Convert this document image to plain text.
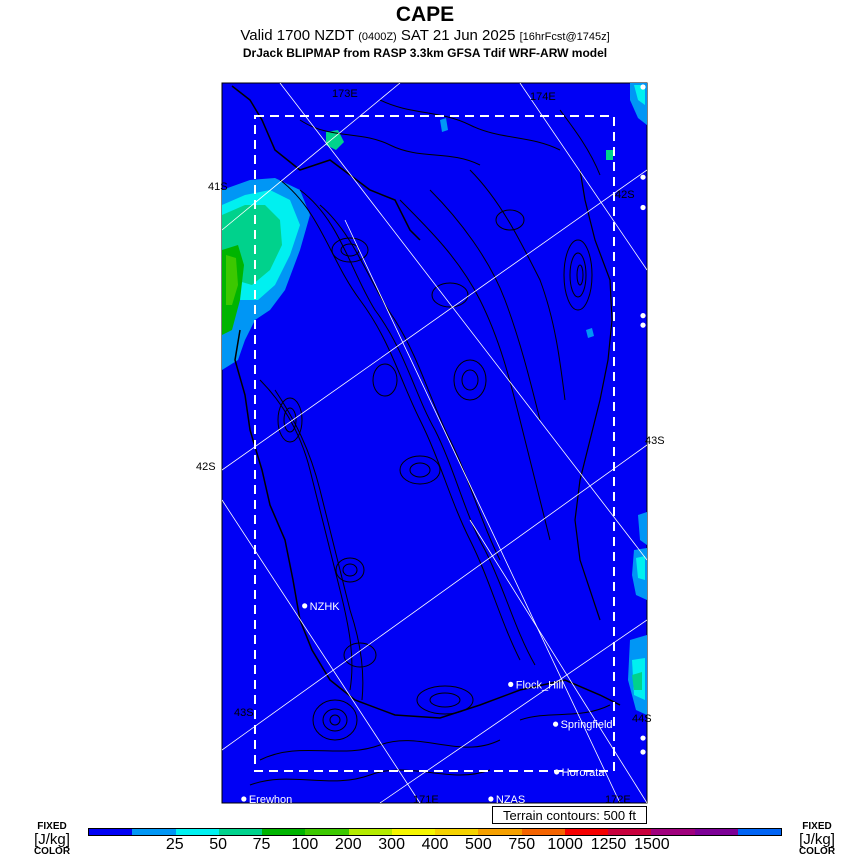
CAPE
Valid 1700 NZDT (0400Z) SAT 21 Jun 2025 [16hrFcst@1745z]
DrJack BLIPMAP from RASP 3.3km GFSA Tdif WRF-ARW model
41S
42S
42S
43S
43S	44S
173E	174E
171E	172E
Takaka
Barnicoat
Omaka
Lake_Station
Mt
NZHK
Flock_Hill
NZCH
Wigram
Springfield
Hororata
NZAS
Erewhon
Terrain contours: 500 ft
FIXED
[J/kg]
COLOR
FIXED
[J/kg]
COLOR
25 50 75 100 200 300 400 500 750 1000 1250 1500
